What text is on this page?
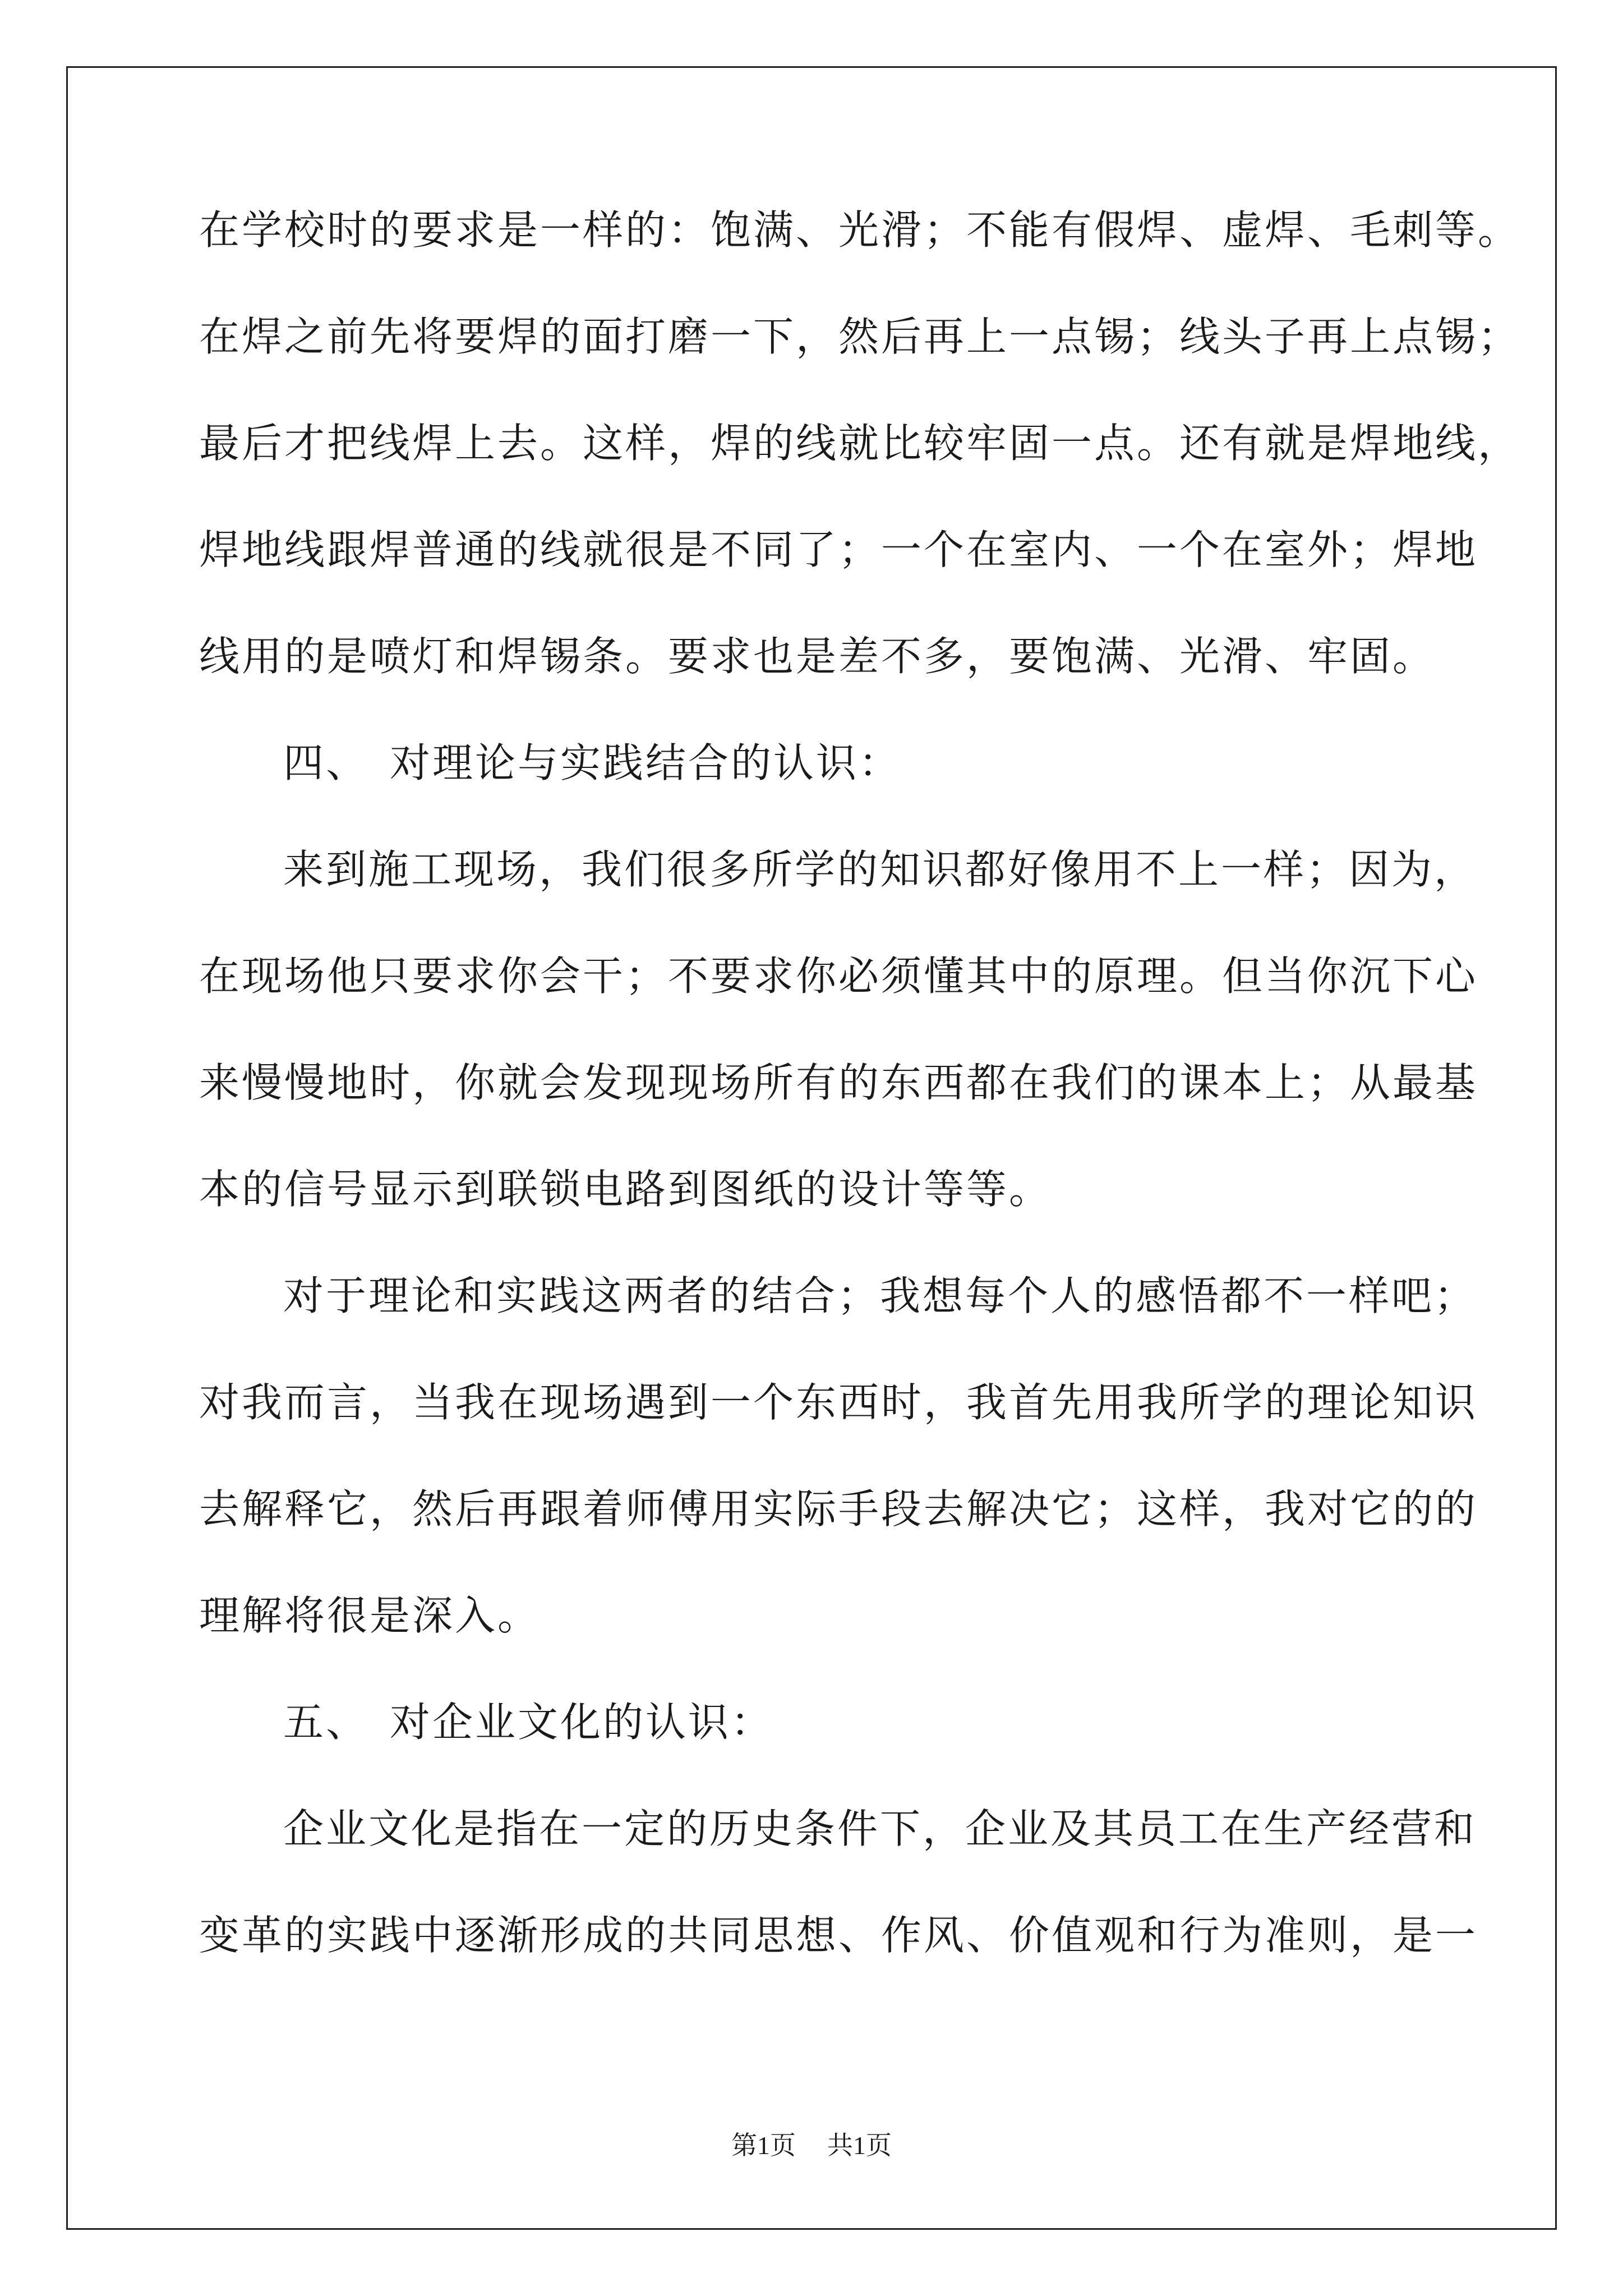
在学校时的要求是一样的：饱满、光滑；不能有假焊、虚焊、毛刺等。
在焊之前先将要焊的面打磨一下，然后再上一点锡；线头子再上点锡；
最后才把线焊上去。这样，焊的线就比较牢固一点。还有就是焊地线，
焊地线跟焊普通的线就很是不同了；一个在室内、一个在室外；焊地
线用的是喷灯和焊锡条。要求也是差不多，要饱满、光滑、牢固。
四、 对理论与实践结合的认识：
来到施工现场，我们很多所学的知识都好像用不上一样；因为，
在现场他只要求你会干；不要求你必须懂其中的原理。但当你沉下心
来慢慢地时，你就会发现现场所有的东西都在我们的课本上；从最基
本的信号显示到联锁电路到图纸的设计等等。
对于理论和实践这两者的结合；我想每个人的感悟都不一样吧；
对我而言，当我在现场遇到一个东西时，我首先用我所学的理论知识
去解释它，然后再跟着师傅用实际手段去解决它；这样，我对它的的
理解将很是深入。
五、 对企业文化的认识：
企业文化是指在一定的历史条件下，企业及其员工在生产经营和
变革的实践中逐渐形成的共同思想、作风、价值观和行为准则，是一
第1页 共1页
